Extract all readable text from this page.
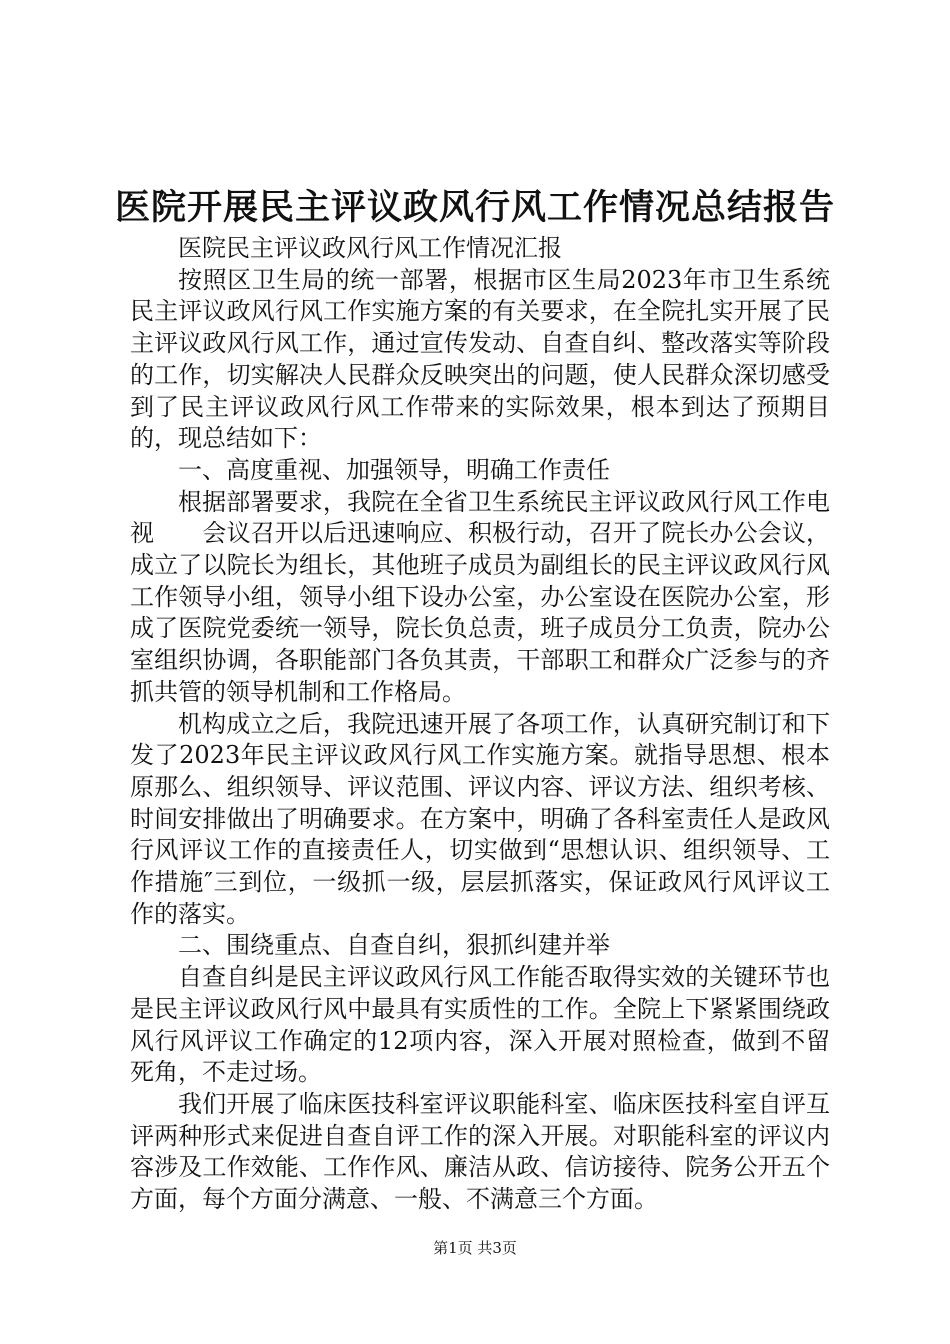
医院开展民主评议政风行风工作情况总结报告

医院民主评议政风行风工作情况汇报

按照区卫生局的统一部署，根据市区生局2023年市卫生系统民主评议政风行风工作实施方案的有关要求，在全院扎实开展了民主评议政风行风工作，通过宣传发动、自查自纠、整改落实等阶段的工作，切实解决人民群众反映突出的问题，使人民群众深切感受到了民主评议政风行风工作带来的实际效果，根本到达了预期目的，现总结如下：

一、高度重视、加强领导，明确工作责任

根据部署要求，我院在全省卫生系统民主评议政风行风工作电视　　会议召开以后迅速响应、积极行动，召开了院长办公会议，成立了以院长为组长，其他班子成员为副组长的民主评议政风行风工作领导小组，领导小组下设办公室，办公室设在医院办公室，形成了医院党委统一领导，院长负总责，班子成员分工负责，院办公室组织协调，各职能部门各负其责，干部职工和群众广泛参与的齐抓共管的领导机制和工作格局。

机构成立之后，我院迅速开展了各项工作，认真研究制订和下发了2023年民主评议政风行风工作实施方案。就指导思想、根本原那么、组织领导、评议范围、评议内容、评议方法、组织考核、时间安排做出了明确要求。在方案中，明确了各科室责任人是政风行风评议工作的直接责任人，切实做到“思想认识、组织领导、工作措施″三到位，一级抓一级，层层抓落实，保证政风行风评议工作的落实。

二、围绕重点、自查自纠，狠抓纠建并举

自查自纠是民主评议政风行风工作能否取得实效的关键环节也是民主评议政风行风中最具有实质性的工作。全院上下紧紧围绕政风行风评议工作确定的12项内容，深入开展对照检查，做到不留死角，不走过场。

我们开展了临床医技科室评议职能科室、临床医技科室自评互评两种形式来促进自查自评工作的深入开展。对职能科室的评议内容涉及工作效能、工作作风、廉洁从政、信访接待、院务公开五个方面，每个方面分满意、一般、不满意三个方面。

第1页 共3页
